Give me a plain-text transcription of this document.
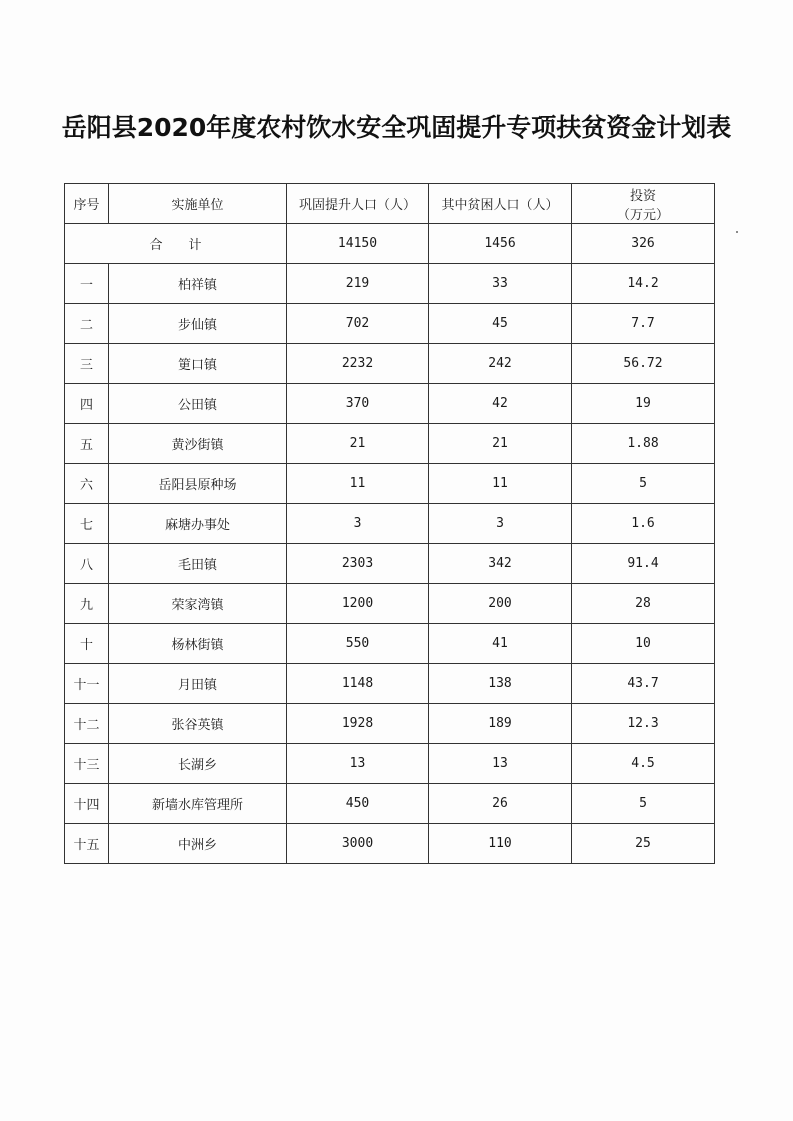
岳阳县2020年度农村饮水安全巩固提升专项扶贫资金计划表
序号	实施单位	巩固提升人口（人）	其中贫困人口（人）	投资
（万元）

合　　计		14150	1456	326
一	柏祥镇	219	33	14.2
二	步仙镇	702	45	7.7
三	筻口镇	2232	242	56.72
四	公田镇	370	42	19
五	黄沙街镇	21	21	1.88
六	岳阳县原种场	11	11	5
七	麻塘办事处	3	3	1.6
八	毛田镇	2303	342	91.4
九	荣家湾镇	1200	200	28
十	杨林街镇	550	41	10
十一	月田镇	1148	138	43.7
十二	张谷英镇	1928	189	12.3
十三	长湖乡	13	13	4.5
十四	新墙水库管理所	450	26	5
十五	中洲乡	3000	110	25
